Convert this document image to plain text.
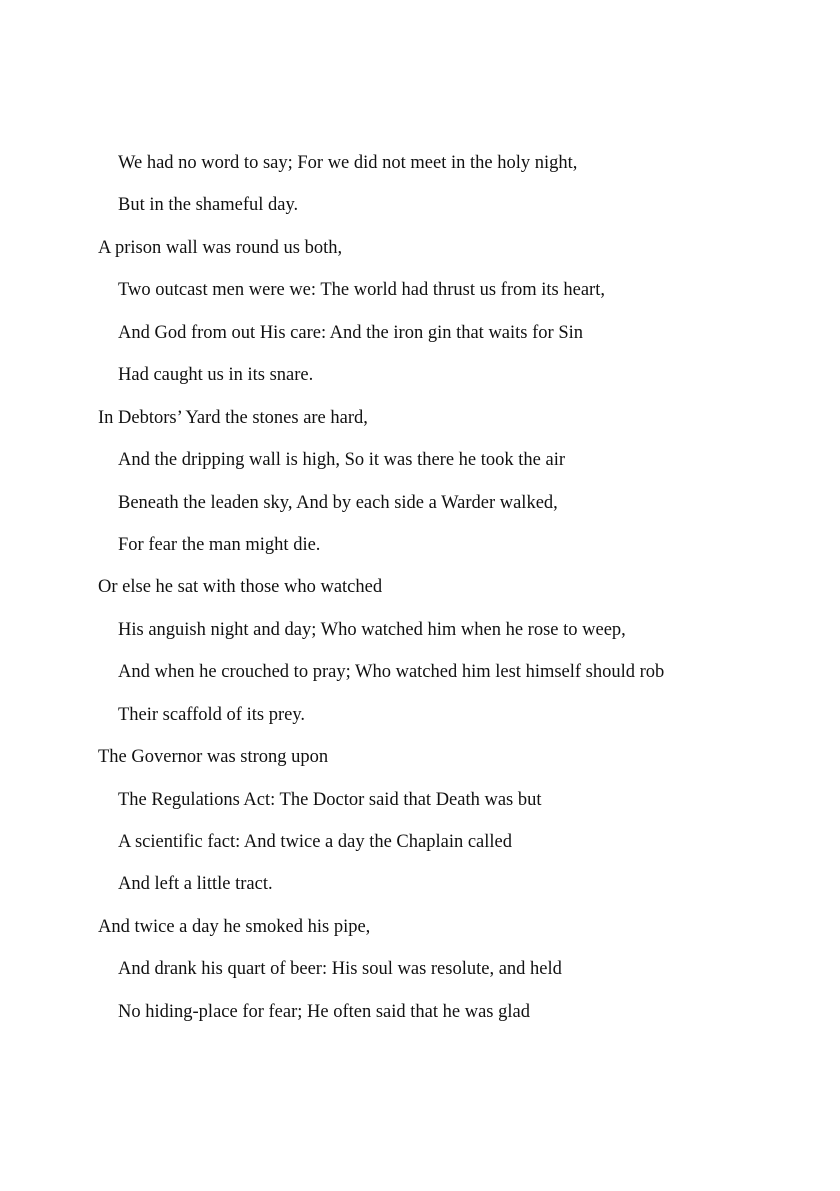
We had no word to say; For we did not meet in the holy night,
But in the shameful day.
A prison wall was round us both,
Two outcast men were we: The world had thrust us from its heart,
And God from out His care: And the iron gin that waits for Sin
Had caught us in its snare.
In Debtors’ Yard the stones are hard,
And the dripping wall is high, So it was there he took the air
Beneath the leaden sky, And by each side a Warder walked,
For fear the man might die.
Or else he sat with those who watched
His anguish night and day; Who watched him when he rose to weep,
And when he crouched to pray; Who watched him lest himself should rob
Their scaffold of its prey.
The Governor was strong upon
The Regulations Act: The Doctor said that Death was but
A scientific fact: And twice a day the Chaplain called
And left a little tract.
And twice a day he smoked his pipe,
And drank his quart of beer: His soul was resolute, and held
No hiding-place for fear; He often said that he was glad
